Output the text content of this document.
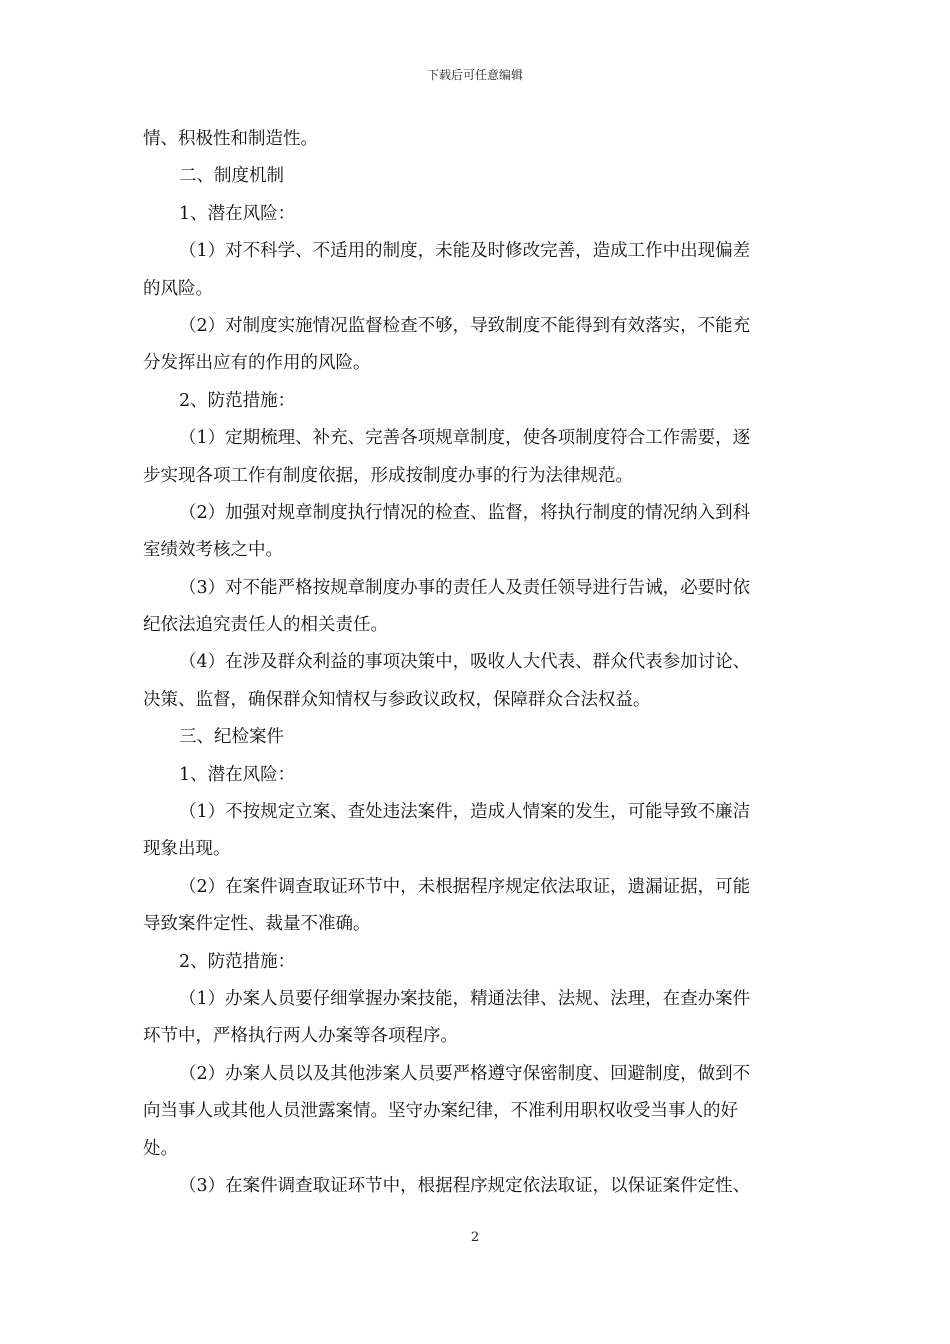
下载后可任意编辑
情、积极性和制造性。
二、制度机制
1、潜在风险：
（1）对不科学、不适用的制度，未能及时修改完善，造成工作中出现偏差
的风险。
（2）对制度实施情况监督检查不够，导致制度不能得到有效落实，不能充
分发挥出应有的作用的风险。
2、防范措施：
（1）定期梳理、补充、完善各项规章制度，使各项制度符合工作需要，逐
步实现各项工作有制度依据，形成按制度办事的行为法律规范。
（2）加强对规章制度执行情况的检查、监督，将执行制度的情况纳入到科
室绩效考核之中。
（3）对不能严格按规章制度办事的责任人及责任领导进行告诫，必要时依
纪依法追究责任人的相关责任。
（4）在涉及群众利益的事项决策中，吸收人大代表、群众代表参加讨论、
决策、监督，确保群众知情权与参政议政权，保障群众合法权益。
三、纪检案件
1、潜在风险：
（1）不按规定立案、查处违法案件，造成人情案的发生，可能导致不廉洁
现象出现。
（2）在案件调查取证环节中，未根据程序规定依法取证，遗漏证据，可能
导致案件定性、裁量不准确。
2、防范措施：
（1）办案人员要仔细掌握办案技能，精通法律、法规、法理，在查办案件
环节中，严格执行两人办案等各项程序。
（2）办案人员以及其他涉案人员要严格遵守保密制度、回避制度，做到不
向当事人或其他人员泄露案情。坚守办案纪律，不准利用职权收受当事人的好
处。
（3）在案件调查取证环节中，根据程序规定依法取证，以保证案件定性、
2
